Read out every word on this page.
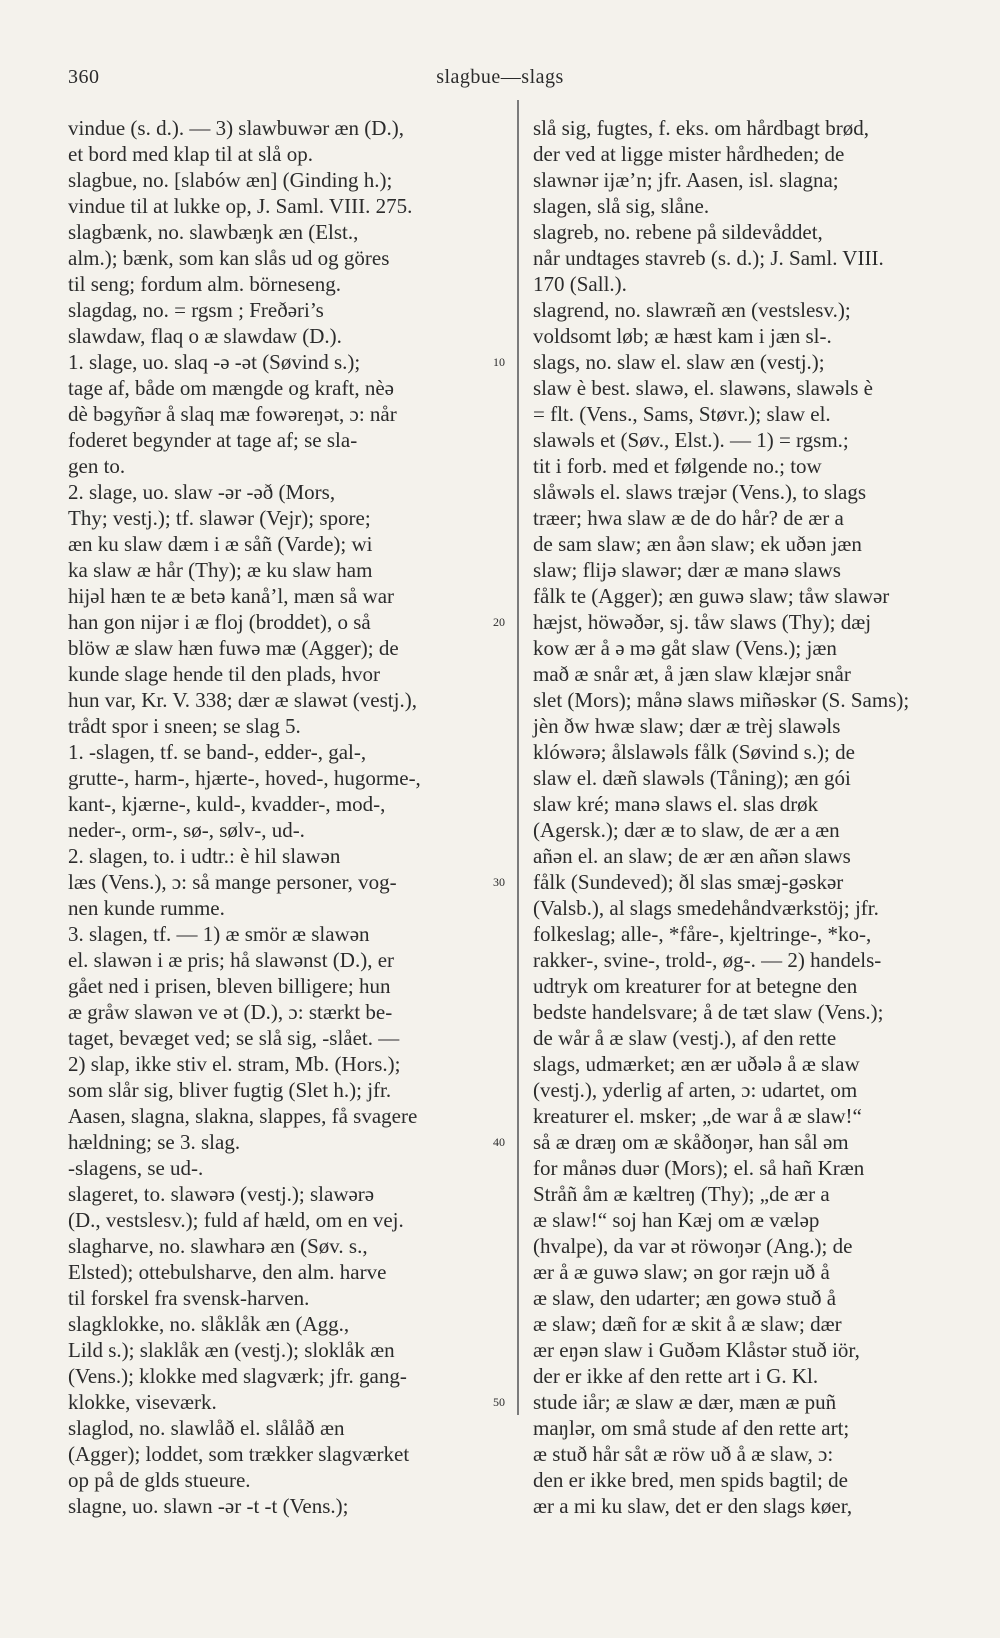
360	slagbue—slags
vindue (s. d.). — 3) slawbuwər æn (D.),
et bord med klap til at slå op.
slagbue, no. [slabów æn] (Ginding h.);
vindue til at lukke op, J. Saml. VIII. 275.
slagbænk, no. slawbæŋk æn (Elst.,
alm.); bænk, som kan slås ud og göres
til seng; fordum alm. börneseng.
slagdag, no. = rgsm ; Freðəri’s
slawdaw, flaq o æ slawdaw (D.).
1. slage, uo. slaq -ə -ət (Søvind s.);
tage af, både om mængde og kraft, nèə
dè bəgyñər å slaq mæ fowəreŋət, ɔ: når
foderet begynder at tage af; se sla-
gen to.
2. slage, uo. slaw -ər -əð (Mors,
Thy; vestj.); tf. slawər (Vejr); spore;
æn ku slaw dæm i æ såñ (Varde); wi
ka slaw æ hår (Thy); æ ku slaw ham
hijəl hæn te æ betə kanåʼl, mæn så war
han gon nijər i æ floj (broddet), o så
blöw æ slaw hæn fuwə mæ (Agger); de
kunde slage hende til den plads, hvor
hun var, Kr. V. 338; dær æ slawət (vestj.),
trådt spor i sneen; se slag 5.
1. -slagen, tf. se band-, edder-, gal-,
grutte-, harm-, hjærte-, hoved-, hugorme-,
kant-, kjærne-, kuld-, kvadder-, mod-,
neder-, orm-, sø-, sølv-, ud-.
2. slagen, to. i udtr.: è hil slawən
læs (Vens.), ɔ: så mange personer, vog-
nen kunde rumme.
3. slagen, tf. — 1) æ smör æ slawən
el. slawən i æ pris; hå slawənst (D.), er
gået ned i prisen, bleven billigere; hun
æ gråw slawən ve ət (D.), ɔ: stærkt be-
taget, bevæget ved; se slå sig, -slået. —
2) slap, ikke stiv el. stram, Mb. (Hors.);
som slår sig, bliver fugtig (Slet h.); jfr.
Aasen, slagna, slakna, slappes, få svagere
hældning; se 3. slag.
-slagens, se ud-.
slageret, to. slawərə (vestj.); slawərə
(D., vestslesv.); fuld af hæld, om en vej.
slagharve, no. slawharə æn (Søv. s.,
Elsted); ottebulsharve, den alm. harve
til forskel fra svensk-harven.
slagklokke, no. slåklåk æn (Agg.,
Lild s.); slaklåk æn (vestj.); sloklåk æn
(Vens.); klokke med slagværk; jfr. gang-
klokke, viseværk.
slaglod, no. slawlåð el. slålåð æn
(Agger); loddet, som trækker slagværket
op på de glds stueure.
slagne, uo. slawn -ər -t -t (Vens.);
10
20
30
40
50
slå sig, fugtes, f. eks. om hårdbagt brød,
der ved at ligge mister hårdheden; de
slawnər ijæʼn; jfr. Aasen, isl. slagna;
slagen, slå sig, slåne.
slagreb, no. rebene på sildevåddet,
når undtages stavreb (s. d.); J. Saml. VIII.
170 (Sall.).
slagrend, no. slawræñ æn (vestslesv.);
voldsomt løb; æ hæst kam i jæn sl-.
slags, no. slaw el. slaw æn (vestj.);
slaw è best. slawə, el. slawəns, slawəls è
= flt. (Vens., Sams, Støvr.); slaw el.
slawəls et (Søv., Elst.). — 1) = rgsm.;
tit i forb. med et følgende no.; tow
slåwəls el. slaws træjər (Vens.), to slags
træer; hwa slaw æ de do hår? de ær a
de sam slaw; æn åən slaw; ek uðən jæn
slaw; flijə slawər; dær æ manə slaws
fålk te (Agger); æn guwə slaw; tåw slawər
hæjst, höwəðər, sj. tåw slaws (Thy); dæj
kow ær å ə mə gåt slaw (Vens.); jæn
mað æ snår æt, å jæn slaw klæjər snår
slet (Mors); månə slaws miñəskər (S. Sams);
jèn ðw hwæ slaw; dær æ trèj slawəls
klówərə; ålslawəls fålk (Søvind s.); de
slaw el. dæñ slawəls (Tåning); æn gói
slaw kré; manə slaws el. slas drøk
(Agersk.); dær æ to slaw, de ær a æn
añən el. an slaw; de ær æn añən slaws
fålk (Sundeved); ðl slas smæj-gəskər
(Valsb.), al slags smedehåndværkstöj; jfr.
folkeslag; alle-, *fåre-, kjeltringe-, *ko-,
rakker-, svine-, trold-, øg-. — 2) handels-
udtryk om kreaturer for at betegne den
bedste handelsvare; å de tæt slaw (Vens.);
de wår å æ slaw (vestj.), af den rette
slags, udmærket; æn ær uðələ å æ slaw
(vestj.), yderlig af arten, ɔ: udartet, om
kreaturer el. msker; „de war å æ slaw!“
så æ dræŋ om æ skåðoŋər, han sål əm
for månəs duər (Mors); el. så hañ Kræn
Stråñ åm æ kæltreŋ (Thy); „de ær a
æ slaw!“ soj han Kæj om æ væləp
(hvalpe), da var ət röwoŋər (Ang.); de
ær å æ guwə slaw; ən gor ræjn uð å
æ slaw, den udarter; æn gowə stuð å
æ slaw; dæñ for æ skit å æ slaw; dær
ær eŋən slaw i Guðəm Klåstər stuð iör,
der er ikke af den rette art i G. Kl.
stude iår; æ slaw æ dær, mæn æ puñ
maŋlər, om små stude af den rette art;
æ stuð hår såt æ röw uð å æ slaw, ɔ:
den er ikke bred, men spids bagtil; de
ær a mi ku slaw, det er den slags køer,
